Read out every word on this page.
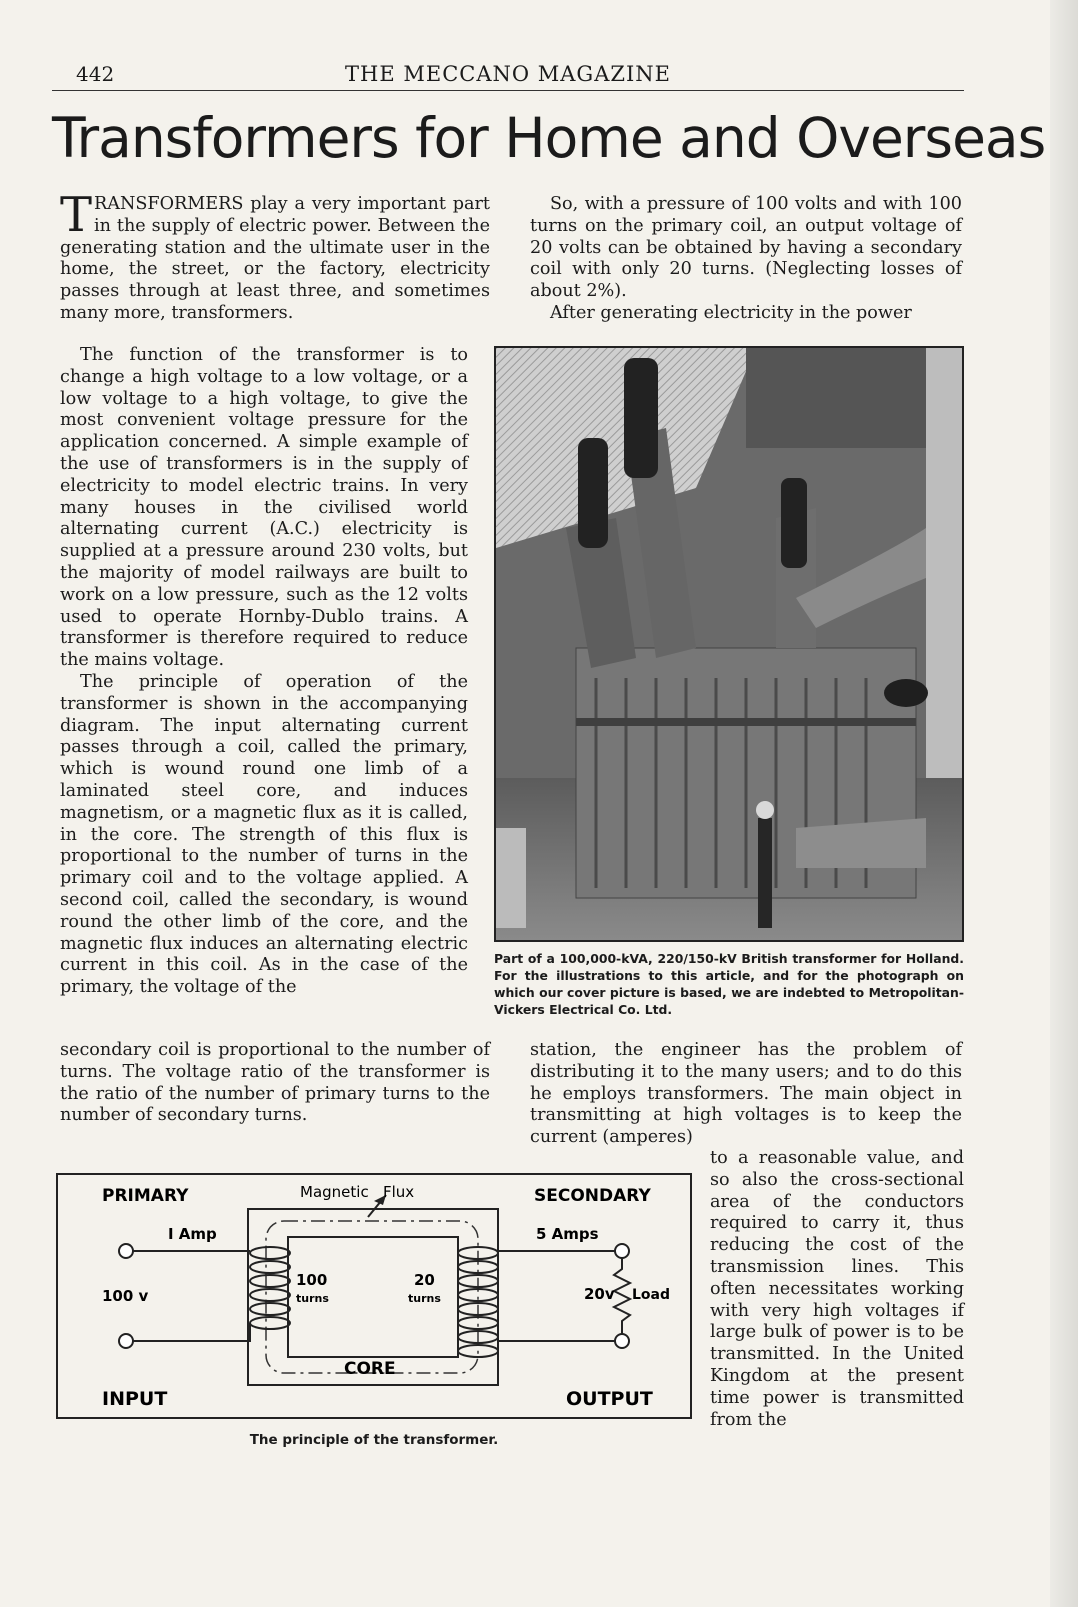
442	THE MECCANO MAGAZINE
Transformers for Home and Overseas

TRANSFORMERS play a very important part in the supply of electric power. Between the generating station and the ultimate user in the home, the street, or the factory, electricity passes through at least three, and sometimes many more, transformers.

The function of the transformer is to change a high voltage to a low voltage, or a low voltage to a high voltage, to give the most convenient voltage pressure for the application concerned. A simple example of the use of transformers is in the supply of electricity to model electric trains. In very many houses in the civilised world alternating current (A.C.) electricity is supplied at a pressure around 230 volts, but the majority of model railways are built to work on a low pressure, such as the 12 volts used to operate Hornby-Dublo trains. A transformer is therefore required to reduce the mains voltage.

The principle of operation of the transformer is shown in the accompanying diagram. The input alternating current passes through a coil, called the primary, which is wound round one limb of a laminated steel core, and induces magnetism, or a magnetic flux as it is called, in the core. The strength of this flux is proportional to the number of turns in the primary coil and to the voltage applied. A second coil, called the secondary, is wound round the other limb of the core, and the magnetic flux induces an alternating electric current in this coil. As in the case of the primary, the voltage of the

secondary coil is proportional to the number of turns. The voltage ratio of the transformer is the ratio of the number of primary turns to the number of secondary turns.

So, with a pressure of 100 volts and with 100 turns on the primary coil, an output voltage of 20 volts can be obtained by having a secondary coil with only 20 turns. (Neglecting losses of about 2%).

After generating electricity in the power

Part of a 100,000-kVA, 220/150-kV British transformer for Holland. For the illustrations to this article, and for the photograph on which our cover picture is based, we are indebted to Metropolitan-Vickers Electrical Co. Ltd.

station, the engineer has the problem of distributing it to the many users; and to do this he employs transformers. The main object in transmitting at high voltages is to keep the current (amperes)

to a reasonable value, and so also the cross-sectional area of the conductors required to carry it, thus reducing the cost of the transmission lines. This often necessitates working with very high voltages if large bulk of power is to be transmitted. In the United Kingdom at the present time power is transmitted from the

PRIMARY	SECONDARY
INPUT	OUTPUT
Magnetic   Flux
CORE
I Amp	5 Amps
100 v	20v Load
100
turns
20
turns
The principle of the transformer.
